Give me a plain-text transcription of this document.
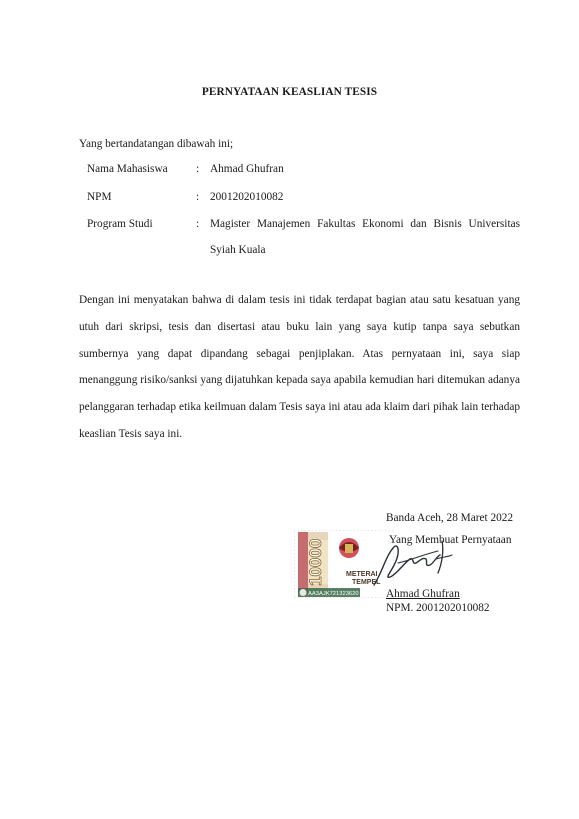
PERNYATAAN KEASLIAN TESIS
Yang bertandatangan dibawah ini;
Nama Mahasiswa	: Ahmad Ghufran
NPM	: 2001202010082
Program Studi	: Magister Manajemen Fakultas Ekonomi dan Bisnis Universitas Syiah Kuala
Dengan ini menyatakan bahwa di dalam tesis ini tidak terdapat bagian atau satu kesatuan yang utuh dari skripsi, tesis dan disertasi atau buku lain yang saya kutip tanpa saya sebutkan sumbernya yang dapat dipandang sebagai penjiplakan. Atas pernyataan ini, saya siap menanggung risiko/sanksi yang dijatuhkan kepada saya apabila kemudian hari ditemukan adanya pelanggaran terhadap etika keilmuan dalam Tesis saya ini atau ada klaim dari pihak lain terhadap keaslian Tesis saya ini.
Banda Aceh, 28 Maret 2022
Yang Membuat Pernyataan
10000	METERAI
TEMPEL
AA3AJK721323620 Ahmad Ghufran
NPM. 2001202010082
